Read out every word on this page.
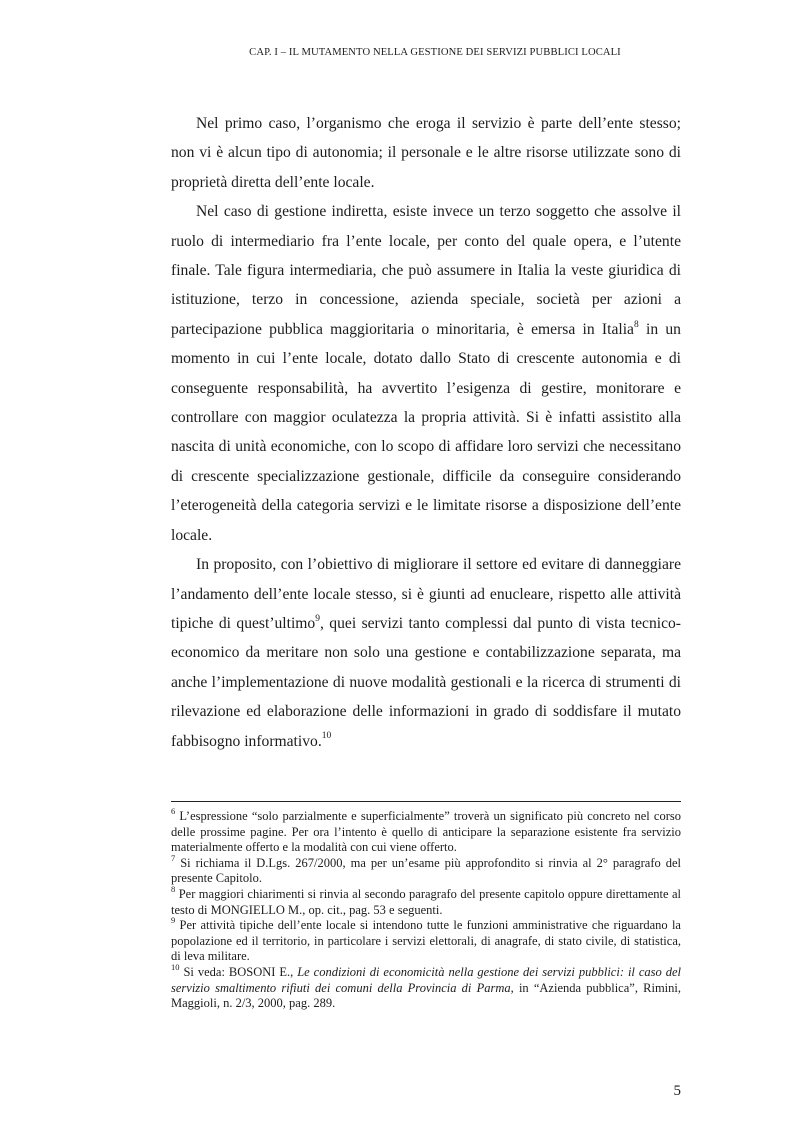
CAP. I – IL MUTAMENTO NELLA GESTIONE DEI SERVIZI PUBBLICI LOCALI

Nel primo caso, l’organismo che eroga il servizio è parte dell’ente stesso; non vi è alcun tipo di autonomia; il personale e le altre risorse utilizzate sono di proprietà diretta dell’ente locale.

Nel caso di gestione indiretta, esiste invece un terzo soggetto che assolve il ruolo di intermediario fra l’ente locale, per conto del quale opera, e l’utente finale. Tale figura intermediaria, che può assumere in Italia la veste giuridica di istituzione, terzo in concessione, azienda speciale, società per azioni a partecipazione pubblica maggioritaria o minoritaria, è emersa in Italia$^8$ in un momento in cui l’ente locale, dotato dallo Stato di crescente autonomia e di conseguente responsabilità, ha avvertito l’esigenza di gestire, monitorare e controllare con maggior oculatezza la propria attività. Si è infatti assistito alla nascita di unità economiche, con lo scopo di affidare loro servizi che necessitano di crescente specializzazione gestionale, difficile da conseguire considerando l’eterogeneità della categoria servizi e le limitate risorse a disposizione dell’ente locale.

In proposito, con l’obiettivo di migliorare il settore ed evitare di danneggiare l’andamento dell’ente locale stesso, si è giunti ad enucleare, rispetto alle attività tipiche di quest’ultimo$^9$, quei servizi tanto complessi dal punto di vista tecnico-economico da meritare non solo una gestione e contabilizzazione separata, ma anche l’implementazione di nuove modalità gestionali e la ricerca di strumenti di rilevazione ed elaborazione delle informazioni in grado di soddisfare il mutato fabbisogno informativo.$^{10}$

$^6$ L’espressione “solo parzialmente e superficialmente” troverà un significato più concreto nel corso delle prossime pagine. Per ora l’intento è quello di anticipare la separazione esistente fra servizio materialmente offerto e la modalità con cui viene offerto.

$^7$ Si richiama il D.Lgs. 267/2000, ma per un’esame più approfondito si rinvia al 2° paragrafo del presente Capitolo.

$^8$ Per maggiori chiarimenti si rinvia al secondo paragrafo del presente capitolo oppure direttamente al testo di MONGIELLO M., op. cit., pag. 53 e seguenti.

$^9$ Per attività tipiche dell’ente locale si intendono tutte le funzioni amministrative che riguardano la popolazione ed il territorio, in particolare i servizi elettorali, di anagrafe, di stato civile, di statistica, di leva militare.

$^{10}$ Si veda: BOSONI E., Le condizioni di economicità nella gestione dei servizi pubblici: il caso del servizio smaltimento rifiuti dei comuni della Provincia di Parma, in “Azienda pubblica”, Rimini, Maggioli, n. 2/3, 2000, pag. 289.

5
